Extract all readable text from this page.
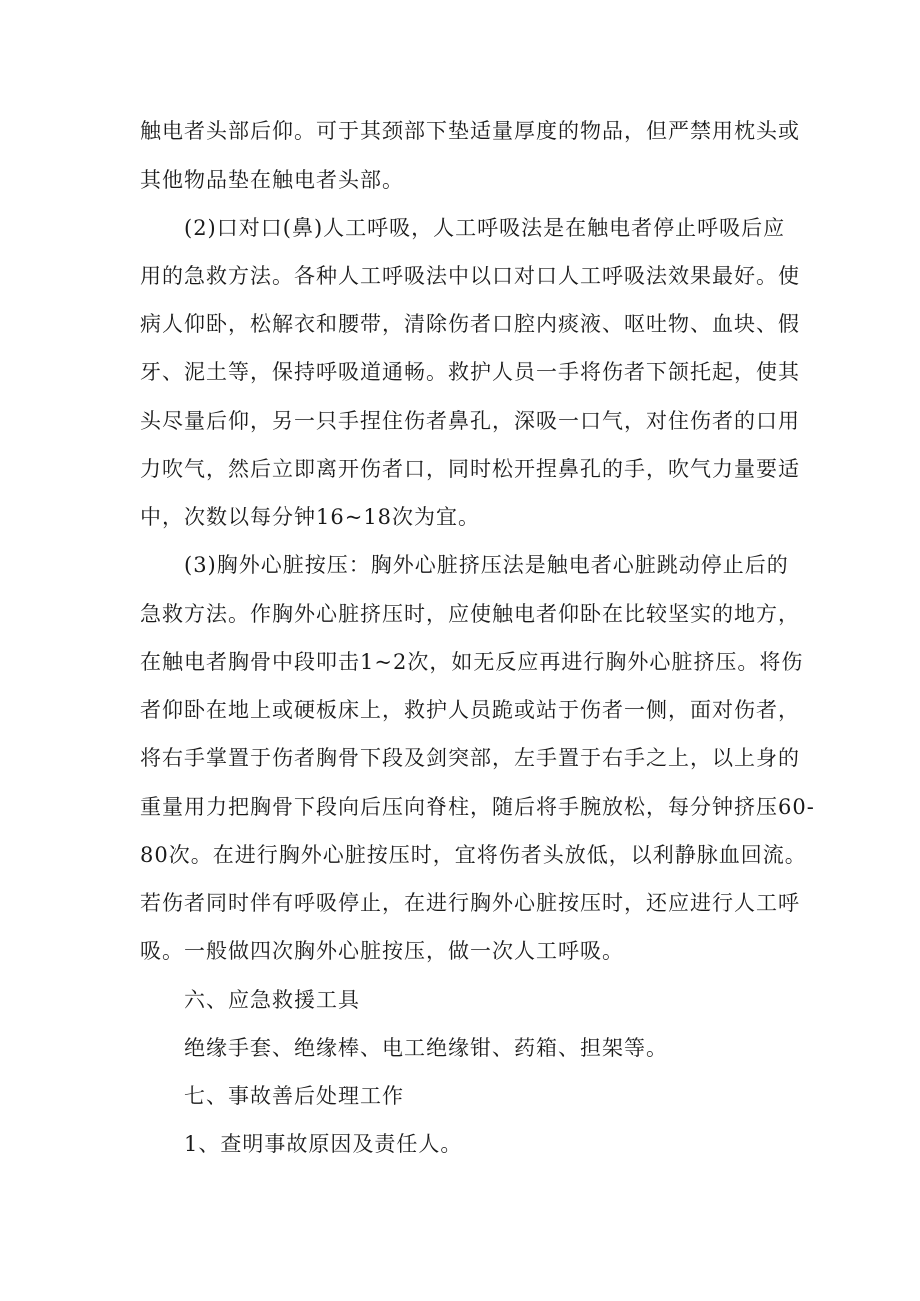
触电者头部后仰。可于其颈部下垫适量厚度的物品，但严禁用枕头或
其他物品垫在触电者头部。
(2)口对口(鼻)人工呼吸，人工呼吸法是在触电者停止呼吸后应
用的急救方法。各种人工呼吸法中以口对口人工呼吸法效果最好。使
病人仰卧，松解衣和腰带，清除伤者口腔内痰液、呕吐物、血块、假
牙、泥土等，保持呼吸道通畅。救护人员一手将伤者下颌托起，使其
头尽量后仰，另一只手捏住伤者鼻孔，深吸一口气，对住伤者的口用
力吹气，然后立即离开伤者口，同时松开捏鼻孔的手，吹气力量要适
中，次数以每分钟16~18次为宜。
(3)胸外心脏按压：胸外心脏挤压法是触电者心脏跳动停止后的
急救方法。作胸外心脏挤压时，应使触电者仰卧在比较坚实的地方，
在触电者胸骨中段叩击1~2次，如无反应再进行胸外心脏挤压。将伤
者仰卧在地上或硬板床上，救护人员跪或站于伤者一侧，面对伤者，
将右手掌置于伤者胸骨下段及剑突部，左手置于右手之上，以上身的
重量用力把胸骨下段向后压向脊柱，随后将手腕放松，每分钟挤压60-
80次。在进行胸外心脏按压时，宜将伤者头放低，以利静脉血回流。
若伤者同时伴有呼吸停止，在进行胸外心脏按压时，还应进行人工呼
吸。一般做四次胸外心脏按压，做一次人工呼吸。
六、应急救援工具
绝缘手套、绝缘棒、电工绝缘钳、药箱、担架等。
七、事故善后处理工作
1、查明事故原因及责任人。
